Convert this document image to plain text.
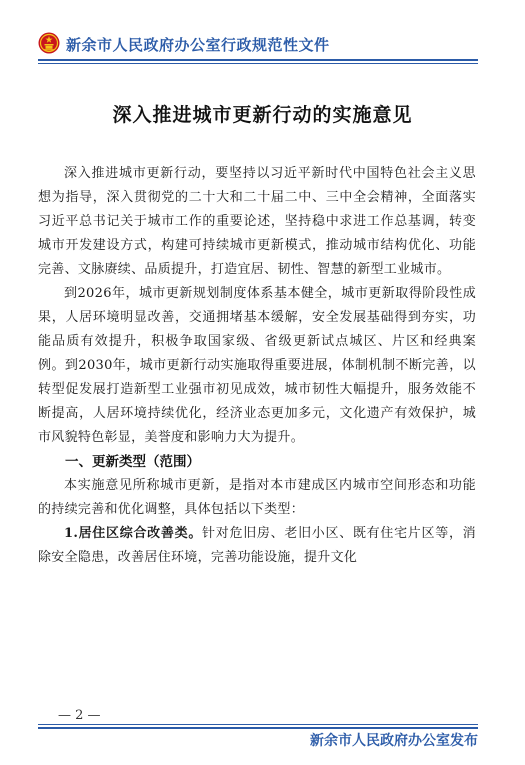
新余市人民政府办公室行政规范性文件
深入推进城市更新行动的实施意见

深入推进城市更新行动，要坚持以习近平新时代中国特色社会主义思想为指导，深入贯彻党的二十大和二十届二中、三中全会精神，全面落实习近平总书记关于城市工作的重要论述，坚持稳中求进工作总基调，转变城市开发建设方式，构建可持续城市更新模式，推动城市结构优化、功能完善、文脉赓续、品质提升，打造宜居、韧性、智慧的新型工业城市。

到2026年，城市更新规划制度体系基本健全，城市更新取得阶段性成果，人居环境明显改善，交通拥堵基本缓解，安全发展基础得到夯实，功能品质有效提升，积极争取国家级、省级更新试点城区、片区和经典案例。到2030年，城市更新行动实施取得重要进展，体制机制不断完善，以转型促发展打造新型工业强市初见成效，城市韧性大幅提升，服务效能不断提高，人居环境持续优化，经济业态更加多元，文化遗产有效保护，城市风貌特色彰显，美誉度和影响力大为提升。

一、更新类型（范围）

本实施意见所称城市更新，是指对本市建成区内城市空间形态和功能的持续完善和优化调整，具体包括以下类型：

1.居住区综合改善类。针对危旧房、老旧小区、既有住宅片区等，消除安全隐患，改善居住环境，完善功能设施，提升文化

— 2 —
新余市人民政府办公室发布
